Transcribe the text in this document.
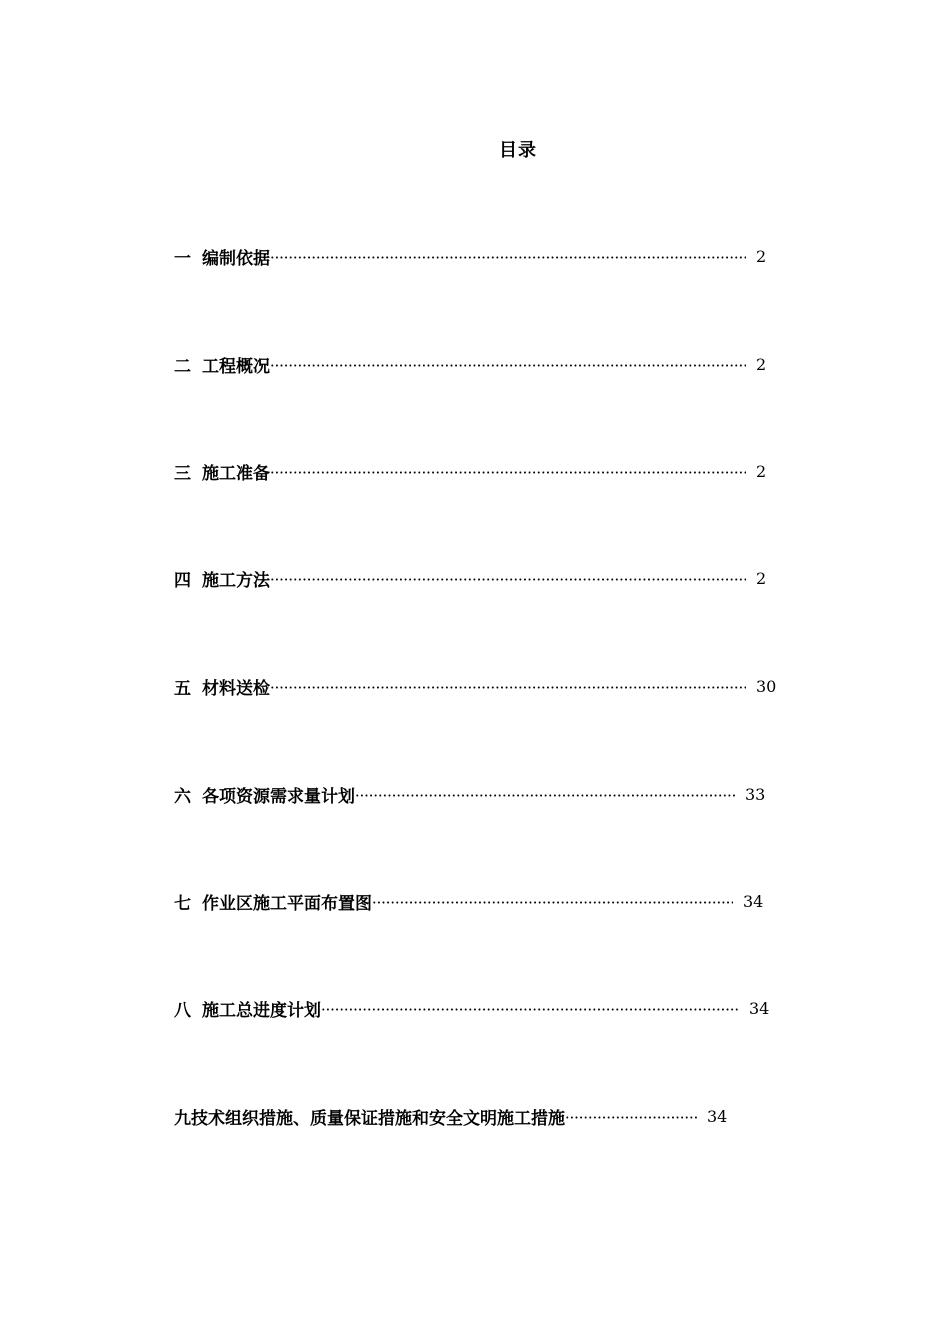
目录
一 编制依据	2
二 工程概况	2
三 施工准备	2
四 施工方法	2
五 材料送检	30
六 各项资源需求量计划	33
七 作业区施工平面布置图	34
八 施工总进度计划	34
九 技术组织措施、质量保证措施和安全文明施工措施	34
